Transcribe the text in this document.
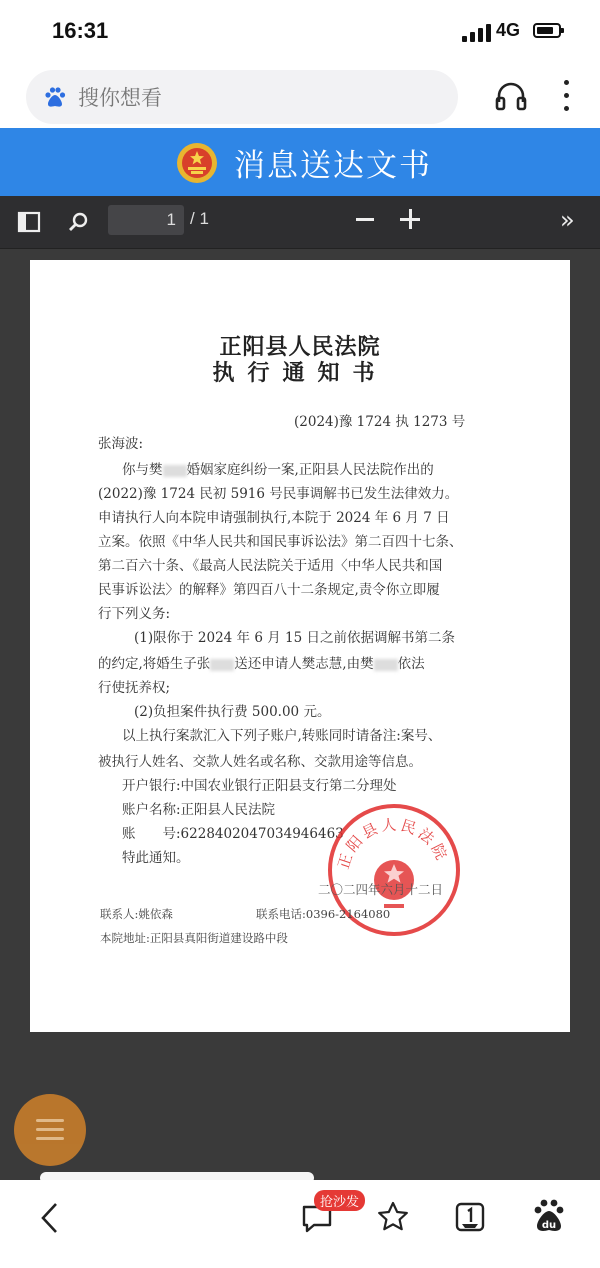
16:31	4G
搜你想看
消息送达文书
1
/ 1	»
正阳县人民法院
执行通知书
(2024)豫 1724 执 1273 号

张海波:

你与樊 婚姻家庭纠纷一案,正阳县人民法院作出的

(2022)豫 1724 民初 5916 号民事调解书已发生法律效力。

申请执行人向本院申请强制执行,本院于 2024 年 6 月 7 日

立案。依照《中华人民共和国民事诉讼法》第二百四十七条、

第二百六十条、《最高人民法院关于适用〈中华人民共和国

民事诉讼法〉的解释》第四百八十二条规定,责令你立即履

行下列义务:

(1)限你于 2024 年 6 月 15 日之前依据调解书第二条

的约定,将婚生子张 送还申请人樊志慧,由樊 依法

行使抚养权;

(2)负担案件执行费 500.00 元。

以上执行案款汇入下列子账户,转账同时请备注:案号、

被执行人姓名、交款人姓名或名称、交款用途等信息。

开户银行:中国农业银行正阳县支行第二分理处

账户名称:正阳县人民法院

账　　号:6228402047034946463

特此通知。	正阳县人民法院
二〇二四年六月十二日
联系人:姚依森	联系电话:0396-2164080
本院地址:正阳县真阳街道建设路中段
抢沙发
du
